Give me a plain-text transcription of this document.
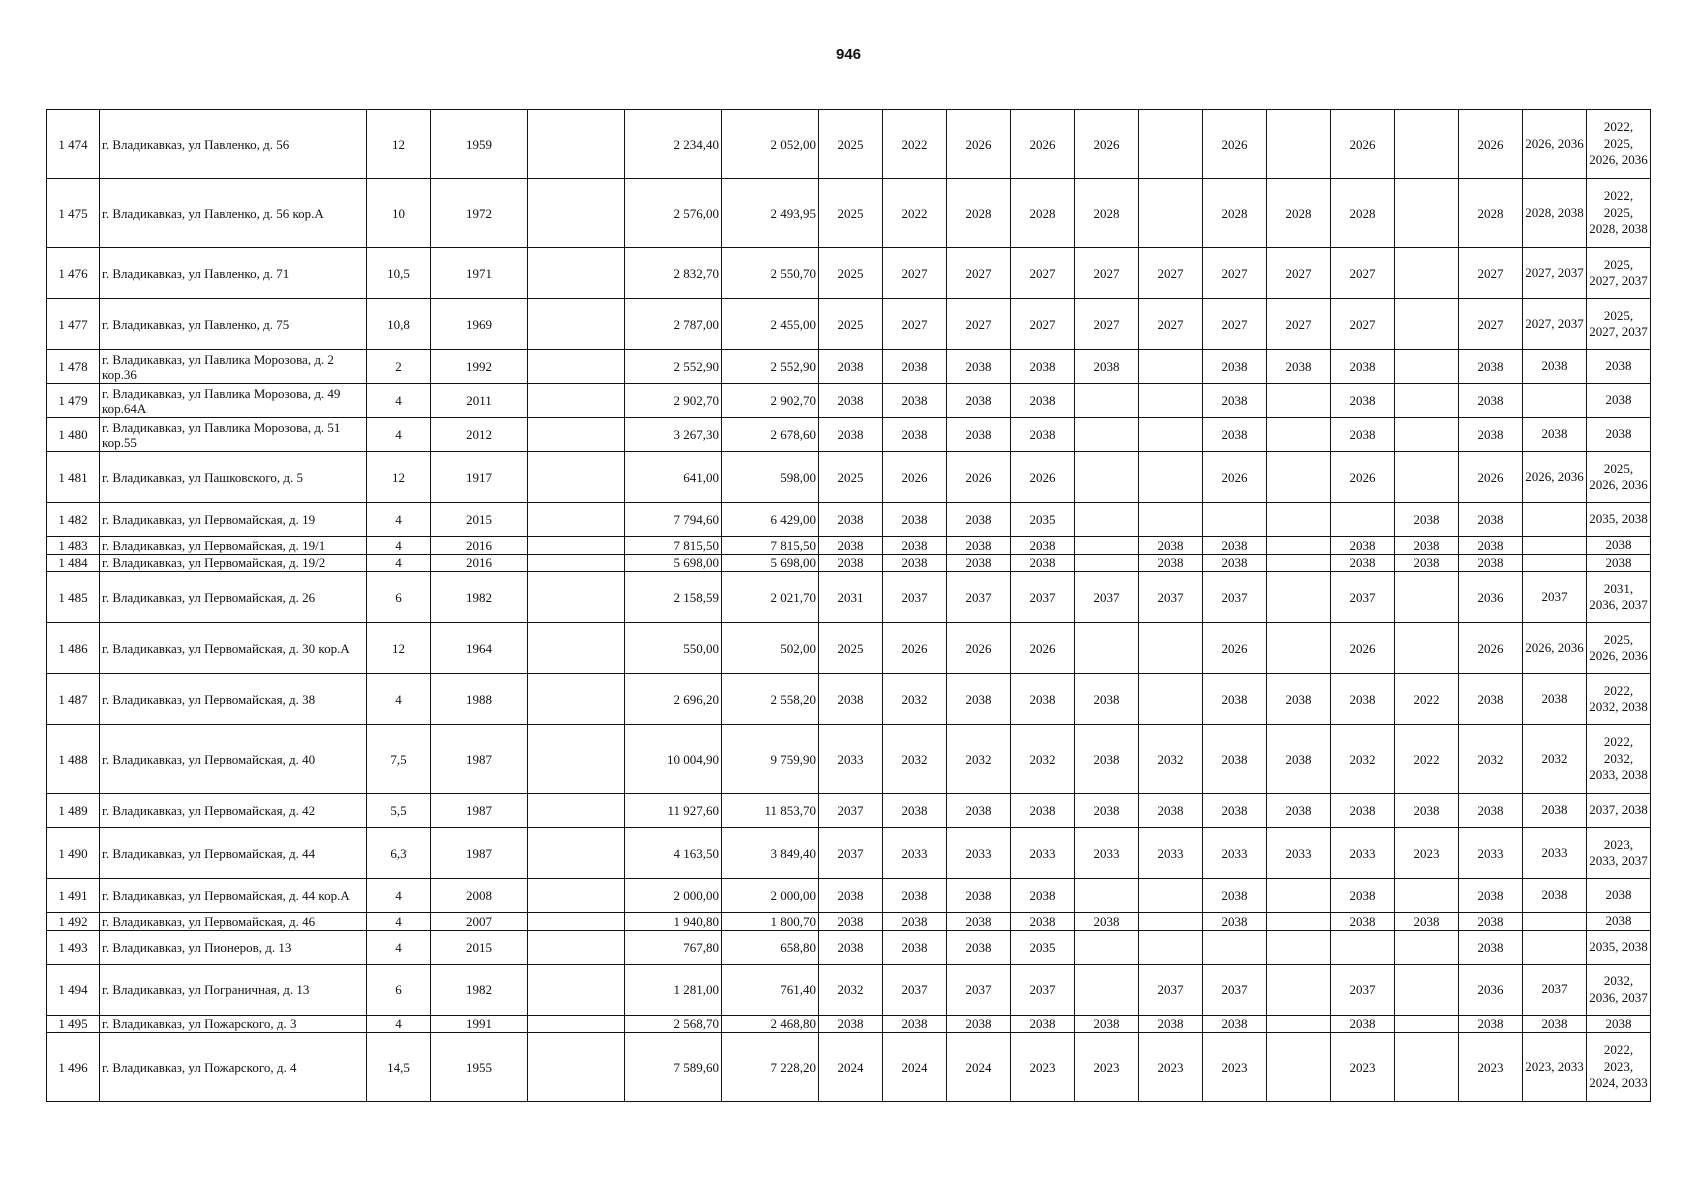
946
1 474	г. Владикавказ, ул Павленко, д. 56	12	1959		2 234,40	2 052,00	2025	2022	2026	2026	2026		2026		2026		2026	2026, 2036	2022, 2025, 2026, 2036
1 475	г. Владикавказ, ул Павленко, д. 56 кор.А	10	1972		2 576,00	2 493,95	2025	2022	2028	2028	2028		2028	2028	2028		2028	2028, 2038	2022, 2025, 2028, 2038
1 476	г. Владикавказ, ул Павленко, д. 71	10,5	1971		2 832,70	2 550,70	2025	2027	2027	2027	2027	2027	2027	2027	2027		2027	2027, 2037	2025, 2027, 2037
1 477	г. Владикавказ, ул Павленко, д. 75	10,8	1969		2 787,00	2 455,00	2025	2027	2027	2027	2027	2027	2027	2027	2027		2027	2027, 2037	2025, 2027, 2037
1 478	г. Владикавказ, ул Павлика Морозова, д. 2 кор.36	2	1992		2 552,90	2 552,90	2038	2038	2038	2038	2038		2038	2038	2038		2038	2038	2038
1 479	г. Владикавказ, ул Павлика Морозова, д. 49 кор.64А	4	2011		2 902,70	2 902,70	2038	2038	2038	2038			2038		2038		2038		2038
1 480	г. Владикавказ, ул Павлика Морозова, д. 51 кор.55	4	2012		3 267,30	2 678,60	2038	2038	2038	2038			2038		2038		2038	2038	2038
1 481	г. Владикавказ, ул Пашковского, д. 5	12	1917		641,00	598,00	2025	2026	2026	2026			2026		2026		2026	2026, 2036	2025, 2026, 2036
1 482	г. Владикавказ, ул Первомайская, д. 19	4	2015		7 794,60	6 429,00	2038	2038	2038	2035						2038	2038		2035, 2038
1 483	г. Владикавказ, ул Первомайская, д. 19/1	4	2016		7 815,50	7 815,50	2038	2038	2038	2038		2038	2038		2038	2038	2038		2038
1 484	г. Владикавказ, ул Первомайская, д. 19/2	4	2016		5 698,00	5 698,00	2038	2038	2038	2038		2038	2038		2038	2038	2038		2038
1 485	г. Владикавказ, ул Первомайская, д. 26	6	1982		2 158,59	2 021,70	2031	2037	2037	2037	2037	2037	2037		2037		2036	2037	2031, 2036, 2037
1 486	г. Владикавказ, ул Первомайская, д. 30 кор.А	12	1964		550,00	502,00	2025	2026	2026	2026			2026		2026		2026	2026, 2036	2025, 2026, 2036
1 487	г. Владикавказ, ул Первомайская, д. 38	4	1988		2 696,20	2 558,20	2038	2032	2038	2038	2038		2038	2038	2038	2022	2038	2038	2022, 2032, 2038
1 488	г. Владикавказ, ул Первомайская, д. 40	7,5	1987		10 004,90	9 759,90	2033	2032	2032	2032	2038	2032	2038	2038	2032	2022	2032	2032	2022, 2032, 2033, 2038
1 489	г. Владикавказ, ул Первомайская, д. 42	5,5	1987		11 927,60	11 853,70	2037	2038	2038	2038	2038	2038	2038	2038	2038	2038	2038	2038	2037, 2038
1 490	г. Владикавказ, ул Первомайская, д. 44	6,3	1987		4 163,50	3 849,40	2037	2033	2033	2033	2033	2033	2033	2033	2033	2023	2033	2033	2023, 2033, 2037
1 491	г. Владикавказ, ул Первомайская, д. 44 кор.А	4	2008		2 000,00	2 000,00	2038	2038	2038	2038			2038		2038		2038	2038	2038
1 492	г. Владикавказ, ул Первомайская, д. 46	4	2007		1 940,80	1 800,70	2038	2038	2038	2038	2038		2038		2038	2038	2038		2038
1 493	г. Владикавказ, ул Пионеров, д. 13	4	2015		767,80	658,80	2038	2038	2038	2035							2038		2035, 2038
1 494	г. Владикавказ, ул Пограничная, д. 13	6	1982		1 281,00	761,40	2032	2037	2037	2037		2037	2037		2037		2036	2037	2032, 2036, 2037
1 495	г. Владикавказ, ул Пожарского, д. 3	4	1991		2 568,70	2 468,80	2038	2038	2038	2038	2038	2038	2038		2038		2038	2038	2038
1 496	г. Владикавказ, ул Пожарского, д. 4	14,5	1955		7 589,60	7 228,20	2024	2024	2024	2023	2023	2023	2023		2023		2023	2023, 2033	2022, 2023, 2024, 2033
